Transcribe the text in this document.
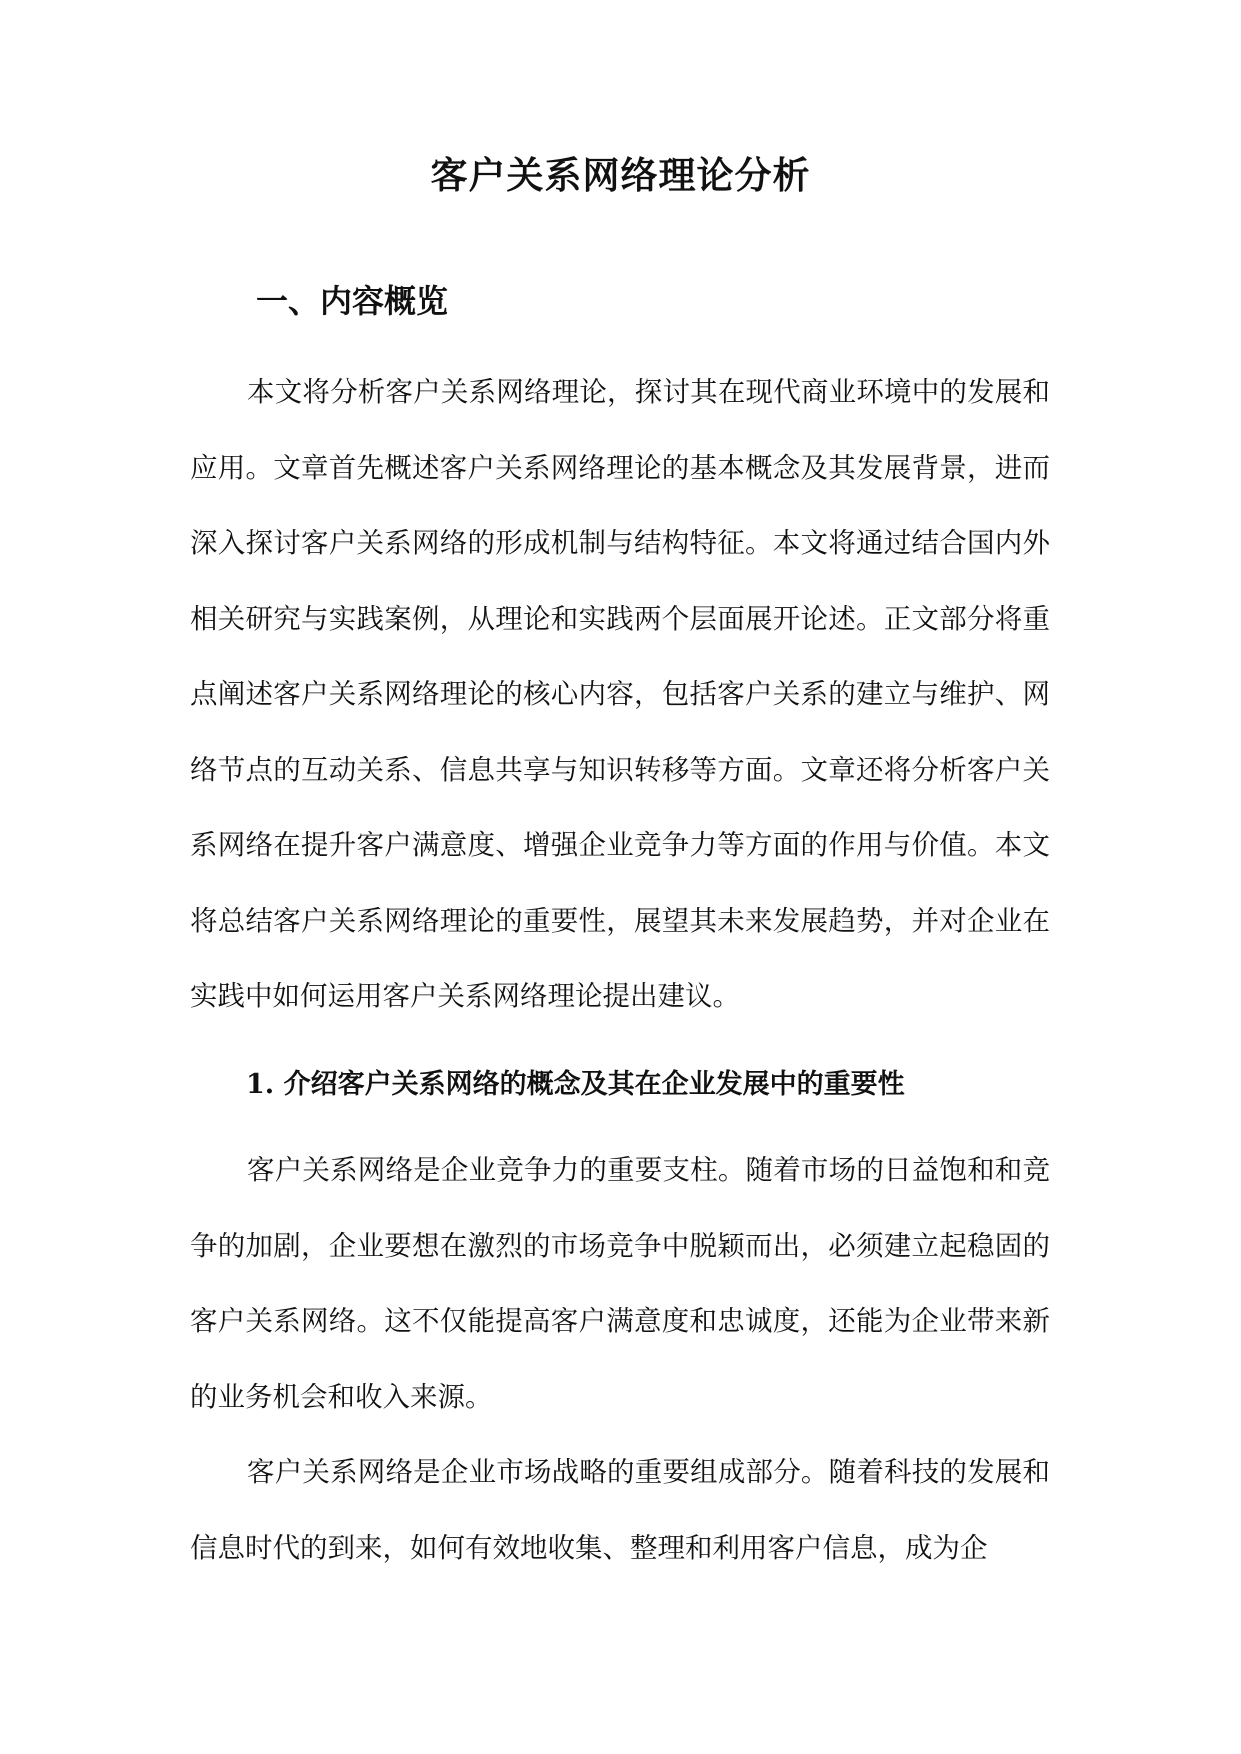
客户关系网络理论分析
一、内容概览

本文将分析客户关系网络理论，探讨其在现代商业环境中的发展和应用。文章首先概述客户关系网络理论的基本概念及其发展背景，进而深入探讨客户关系网络的形成机制与结构特征。本文将通过结合国内外相关研究与实践案例，从理论和实践两个层面展开论述。正文部分将重点阐述客户关系网络理论的核心内容，包括客户关系的建立与维护、网络节点的互动关系、信息共享与知识转移等方面。文章还将分析客户关系网络在提升客户满意度、增强企业竞争力等方面的作用与价值。本文将总结客户关系网络理论的重要性，展望其未来发展趋势，并对企业在实践中如何运用客户关系网络理论提出建议。

1. 介绍客户关系网络的概念及其在企业发展中的重要性

客户关系网络是企业竞争力的重要支柱。随着市场的日益饱和和竞争的加剧，企业要想在激烈的市场竞争中脱颖而出，必须建立起稳固的客户关系网络。这不仅能提高客户满意度和忠诚度，还能为企业带来新的业务机会和收入来源。

客户关系网络是企业市场战略的重要组成部分。随着科技的发展和信息时代的到来，如何有效地收集、整理和利用客户信息，成为企
